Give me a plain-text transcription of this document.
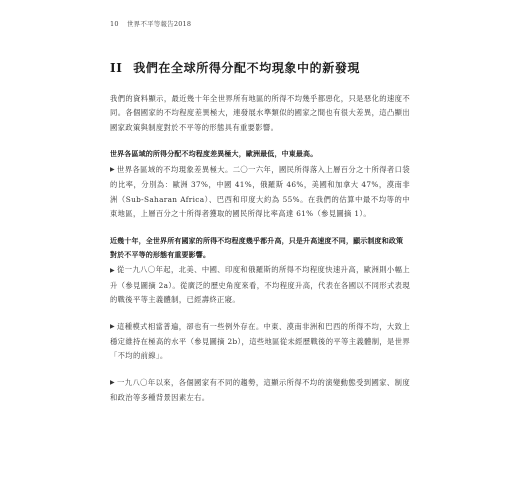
10 世界不平等報告2018
II 我們在全球所得分配不均現象中的新發現
我們的資料顯示，最近幾十年全世界所有地區的所得不均幾乎都惡化，只是惡化的速度不同。各個國家的不均程度差異極大，連發展水準類似的國家之間也有很大差異，這凸顯出國家政策與制度對於不平等的形態具有重要影響。
世界各區域的所得分配不均程度差異極大，歐洲最低，中東最高。
▶ 世界各區域的不均現象差異極大。二〇一六年，國民所得落入上層百分之十所得者口袋的比率，分別為：歐洲 37%，中國 41%，俄羅斯 46%，美國和加拿大 47%，漠南非洲（Sub-Saharan Africa）、巴西和印度大約為 55%。在我們的估算中最不均等的中東地區，上層百分之十所得者獲取的國民所得比率高達 61%（參見圖摘 1）。
近幾十年，全世界所有國家的所得不均程度幾乎都升高，只是升高速度不同，顯示制度和政策對於不平等的形態有重要影響。
▶ 從一九八〇年起，北美、中國、印度和俄羅斯的所得不均程度快速升高，歐洲則小幅上升（參見圖摘 2a）。從廣泛的歷史角度來看，不均程度升高，代表在各國以不同形式表現的戰後平等主義體制，已經壽終正寢。
▶ 這種模式相當普遍，卻也有一些例外存在。中東、漠南非洲和巴西的所得不均，大致上穩定維持在極高的水平（參見圖摘 2b），這些地區從未經歷戰後的平等主義體制，是世界「不均的前線」。
▶ 一九八〇年以來，各個國家有不同的趨勢，這顯示所得不均的演變動態受到國家、制度和政治等多種背景因素左右。
